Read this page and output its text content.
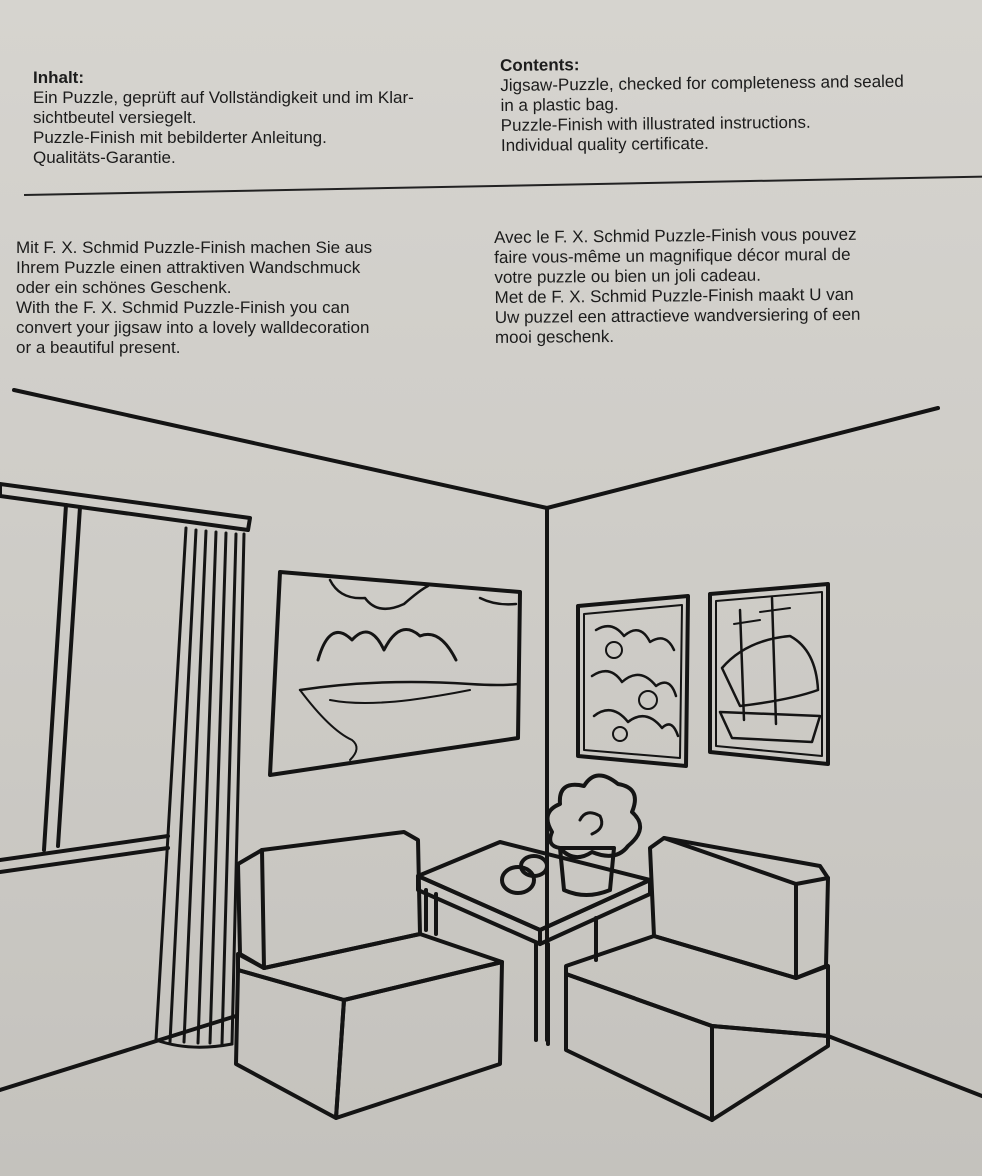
Inhalt:
Ein Puzzle, geprüft auf Vollständigkeit und im Klar-
sichtbeutel versiegelt.
Puzzle-Finish mit bebilderter Anleitung.
Qualitäts-Garantie.
Contents:
Jigsaw-Puzzle, checked for completeness and sealed
in a plastic bag.
Puzzle-Finish with illustrated instructions.
Individual quality certificate.
Mit F. X. Schmid Puzzle-Finish machen Sie aus
Ihrem Puzzle einen attraktiven Wandschmuck
oder ein schönes Geschenk.
With the F. X. Schmid Puzzle-Finish you can
convert your jigsaw into a lovely walldecoration
or a beautiful present.
Avec le F. X. Schmid Puzzle-Finish vous pouvez
faire vous-même un magnifique décor mural de
votre puzzle ou bien un joli cadeau.
Met de F. X. Schmid Puzzle-Finish maakt U van
Uw puzzel een attractieve wandversiering of een
mooi geschenk.
